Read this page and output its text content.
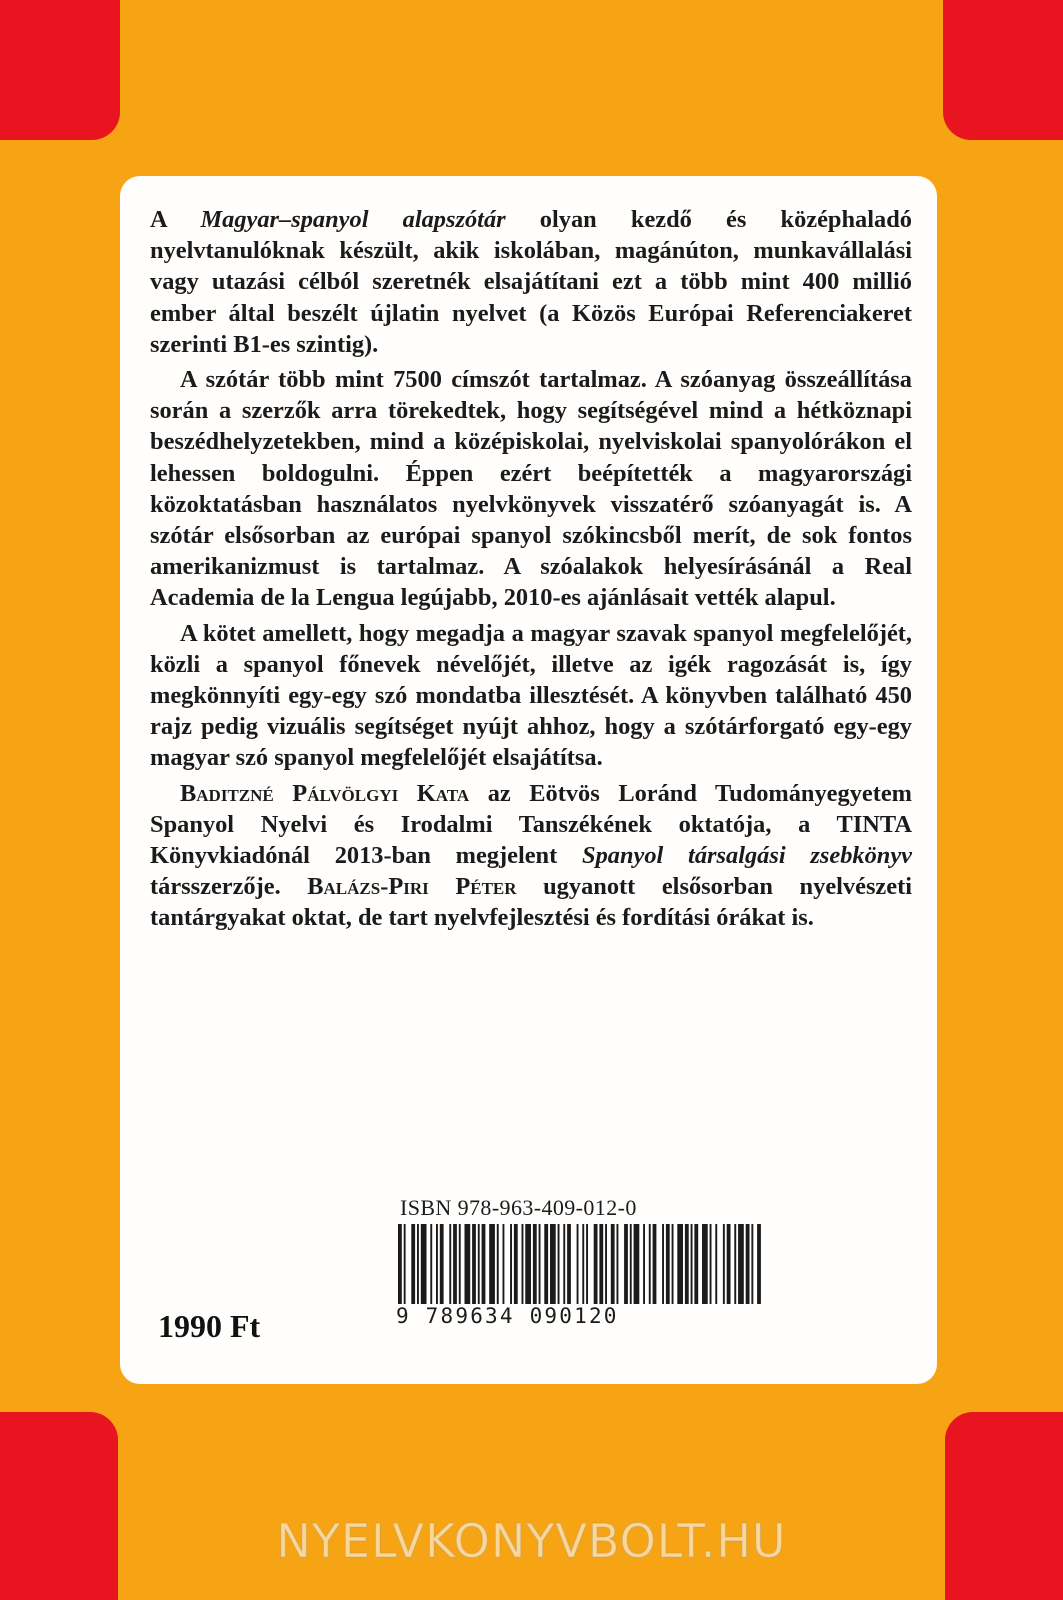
A Magyar–spanyol alapszótár olyan kezdő és középhaladó nyelvtanulóknak készült, akik iskolában, magánúton, munkavállalási vagy utazási célból szeretnék elsajátítani ezt a több mint 400 millió ember által beszélt újlatin nyelvet (a Közös Európai Referenciakeret szerinti B1-es szintig).

A szótár több mint 7500 címszót tartalmaz. A szóanyag összeállítása során a szerzők arra törekedtek, hogy segítségével mind a hétköznapi beszédhelyzetekben, mind a középiskolai, nyelviskolai spanyolórákon el lehessen boldogulni. Éppen ezért beépítették a magyarországi közoktatásban használatos nyelvkönyvek visszatérő szóanyagát is. A szótár elsősorban az európai spanyol szókincsből merít, de sok fontos amerikanizmust is tartalmaz. A szóalakok helyesírásánál a Real Academia de la Lengua legújabb, 2010-es ajánlásait vették alapul.

A kötet amellett, hogy megadja a magyar szavak spanyol megfelelőjét, közli a spanyol főnevek névelőjét, illetve az igék ragozását is, így megkönnyíti egy-egy szó mondatba illesztését. A könyvben található 450 rajz pedig vizuális segítséget nyújt ahhoz, hogy a szótárforgató egy-egy magyar szó spanyol megfelelőjét elsajátítsa.

Baditzné Pálvölgyi Kata az Eötvös Loránd Tudományegyetem Spanyol Nyelvi és Irodalmi Tanszékének oktatója, a TINTA Könyvkiadónál 2013-ban megjelent Spanyol társalgási zsebkönyv társszerzője. Balázs-Piri Péter ugyanott elsősorban nyelvészeti tantárgyakat oktat, de tart nyelvfejlesztési és fordítási órákat is.

ISBN 978-963-409-012-0
9 789634 090120
1990 Ft
NYELVKONYVBOLT.HU
